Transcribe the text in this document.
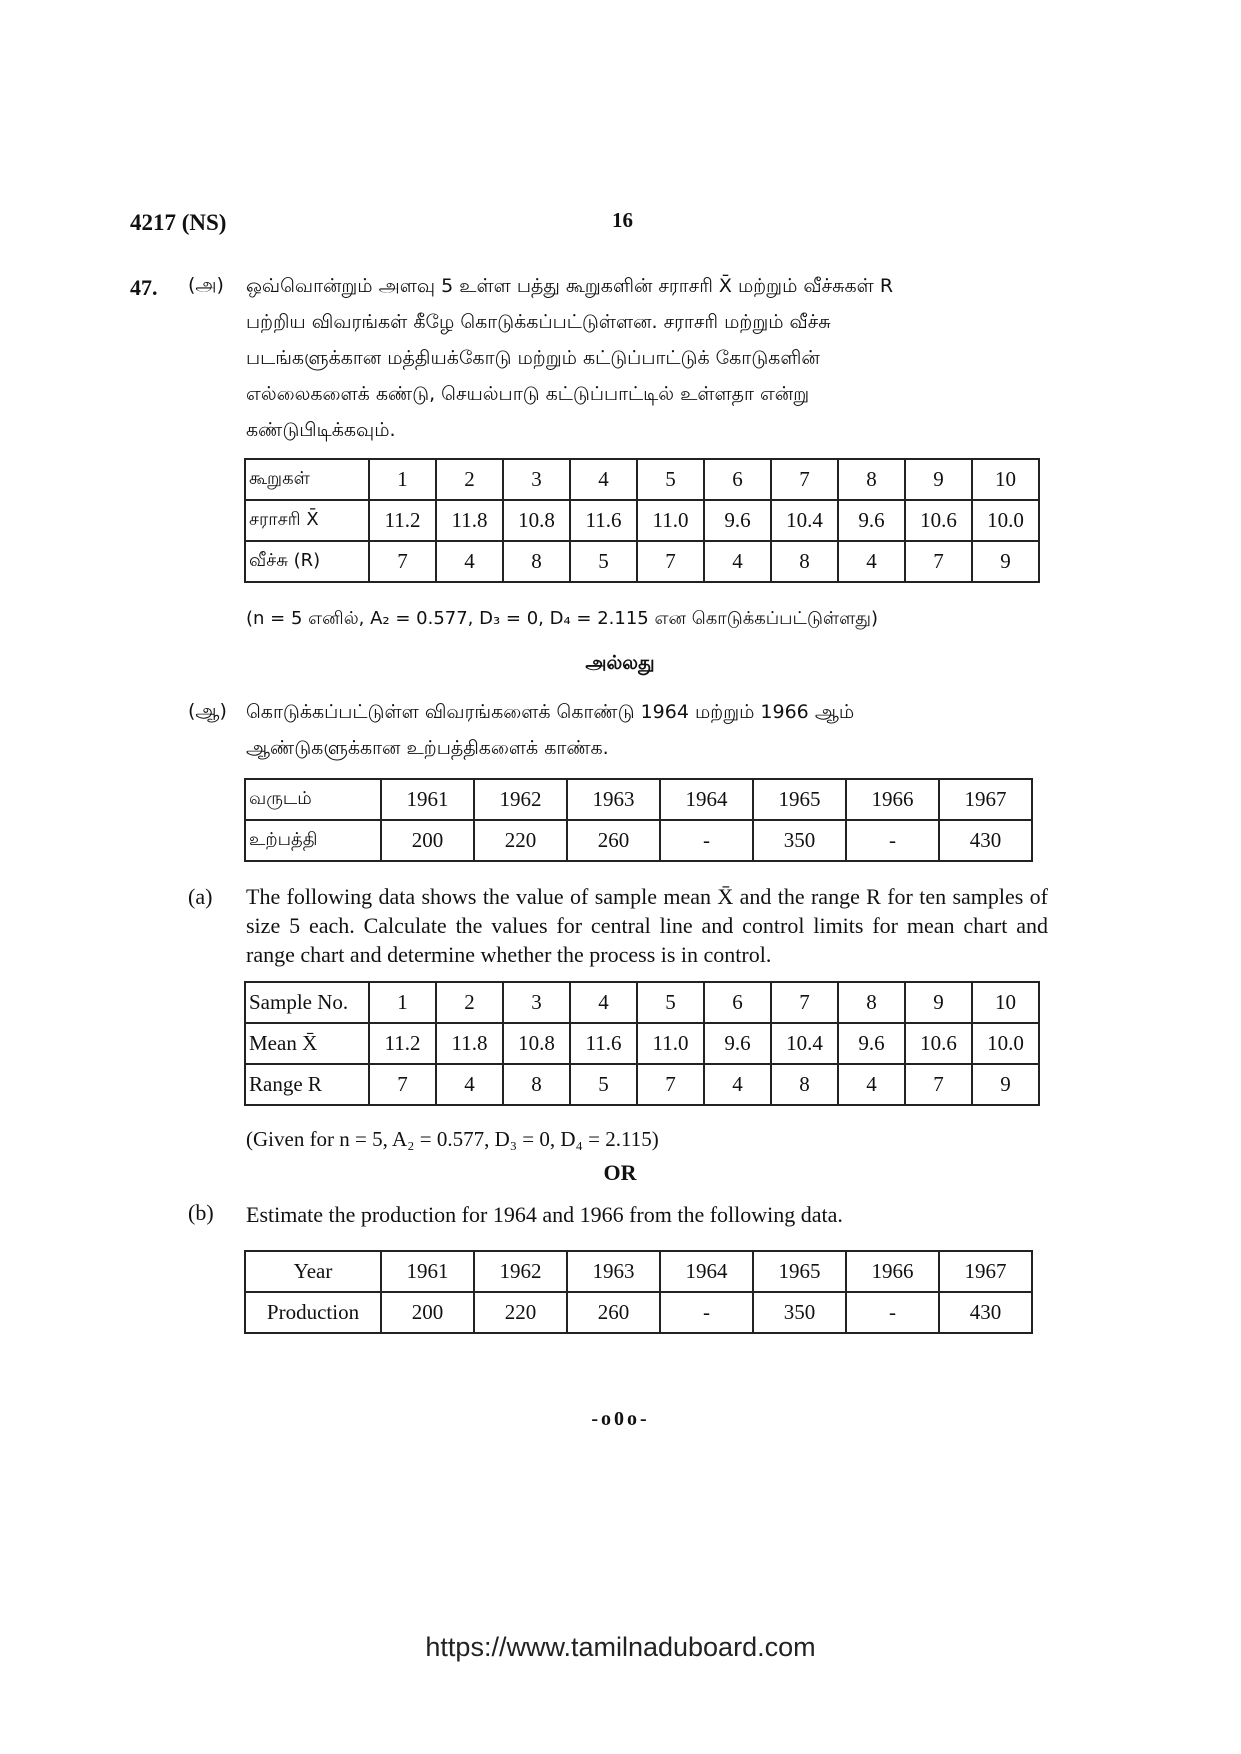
4217 (NS)	16
47. (அ) ஒவ்வொன்றும் அளவு 5 உள்ள பத்து கூறுகளின் சராசரி X̄ மற்றும் வீச்சுகள் R
பற்றிய விவரங்கள் கீழே கொடுக்கப்பட்டுள்ளன. சராசரி மற்றும் வீச்சு
படங்களுக்கான மத்தியக்கோடு மற்றும் கட்டுப்பாட்டுக் கோடுகளின்
எல்லைகளைக் கண்டு, செயல்பாடு கட்டுப்பாட்டில் உள்ளதா என்று
கண்டுபிடிக்கவும்.
கூறுகள்	1	2	3	4	5	6	7	8	9	10
சராசரி X̄	11.2	11.8	10.8	11.6	11.0	9.6	10.4	9.6	10.6	10.0
வீச்சு (R)	7	4	8	5	7	4	8	4	7	9
(n = 5 எனில், A₂ = 0.577, D₃ = 0, D₄ = 2.115 என கொடுக்கப்பட்டுள்ளது)
அல்லது
(ஆ) கொடுக்கப்பட்டுள்ள விவரங்களைக் கொண்டு 1964 மற்றும் 1966 ஆம்
ஆண்டுகளுக்கான உற்பத்திகளைக் காண்க.
வருடம்	1961	1962	1963	1964	1965	1966	1967
உற்பத்தி	200	220	260	-	350	-	430
(a) The following data shows the value of sample mean X̄ and the range R for ten samples of size 5 each. Calculate the values for central line and control limits for mean chart and range chart and determine whether the process is in control.
Sample No.	1	2	3	4	5	6	7	8	9	10
Mean X̄	11.2	11.8	10.8	11.6	11.0	9.6	10.4	9.6	10.6	10.0
Range R	7	4	8	5	7	4	8	4	7	9
(Given for n = 5, A₂ = 0.577, D₃ = 0, D₄ = 2.115)
OR
(b) Estimate the production for 1964 and 1966 from the following data.
Year	1961	1962	1963	1964	1965	1966	1967
Production	200	220	260	-	350	-	430
-o0o-
https://www.tamilnaduboard.com
